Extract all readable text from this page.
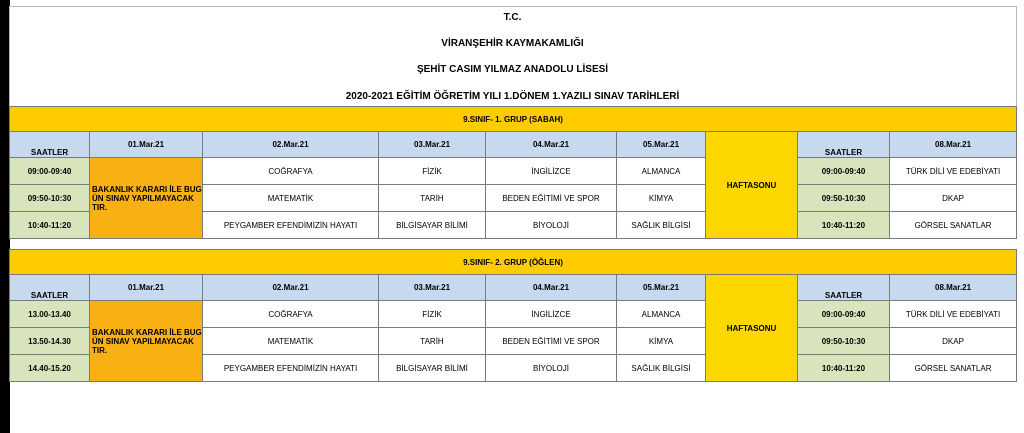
T.C.
VİRANŞEHİR KAYMAKAMLIĞI
ŞEHİT CASIM YILMAZ ANADOLU LİSESİ
2020-2021 EĞİTİM ÖĞRETİM YILI 1.DÖNEM 1.YAZILI SINAV TARİHLERİ
9.SINIF- 1. GRUP (SABAH)								
SAATLER	01.Mar.21	02.Mar.21	03.Mar.21	04.Mar.21	05.Mar.21	HAFTASONU	SAATLER	08.Mar.21
09:00-09:40	BAKANLIK KARARI İLE BUG ÜN SINAV YAPILMAYACAK TIR.	COĞRAFYA	FİZİK	İNGİLİZCE	ALMANCA		09:00-09:40	TÜRK DİLİ VE EDEBİYATI
09:50-10:30		MATEMATİK	TARİH	BEDEN EĞİTİMİ VE SPOR	KİMYA		09:50-10:30	DKAP
10:40-11:20		PEYGAMBER EFENDİMİZİN HAYATI	BİLGİSAYAR BİLİMİ	BİYOLOJİ	SAĞLIK BİLGİSİ		10:40-11:20	GÖRSEL SANATLAR
9.SINIF- 2. GRUP (ÖĞLEN)								
SAATLER	01.Mar.21	02.Mar.21	03.Mar.21	04.Mar.21	05.Mar.21	HAFTASONU	SAATLER	08.Mar.21
13.00-13.40	BAKANLIK KARARI İLE BUG ÜN SINAV YAPILMAYACAK TIR.	COĞRAFYA	FİZİK	İNGİLİZCE	ALMANCA		09:00-09:40	TÜRK DİLİ VE EDEBİYATI
13.50-14.30		MATEMATİK	TARİH	BEDEN EĞİTİMİ VE SPOR	KİMYA		09:50-10:30	DKAP
14.40-15.20		PEYGAMBER EFENDİMİZİN HAYATI	BİLGİSAYAR BİLİMİ	BİYOLOJİ	SAĞLIK BİLGİSİ		10:40-11:20	GÖRSEL SANATLAR
